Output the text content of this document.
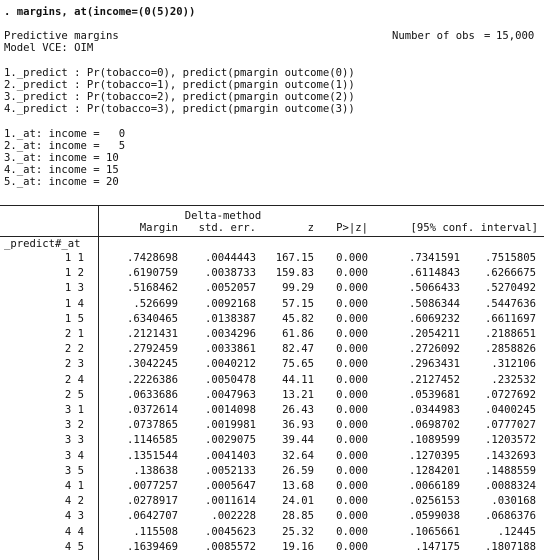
. margins, at(income=(0(5)20))
Predictive margins	Number of obs = 15,000
Model VCE: OIM
1._predict : Pr(tobacco=0), predict(pmargin outcome(0))
2._predict : Pr(tobacco=1), predict(pmargin outcome(1))
3._predict : Pr(tobacco=2), predict(pmargin outcome(2))
4._predict : Pr(tobacco=3), predict(pmargin outcome(3))
1._at: income =   0
2._at: income =   5
3._at: income = 10
4._at: income = 15
5._at: income = 20
Delta-method
Margin	std. err.	z	P>|z|	[95% conf. interval]
_predict#_at
1 1	.7428698	.0044443	167.15	0.000	.7341591	.7515805
1 2	.6190759	.0038733	159.83	0.000	.6114843	.6266675
1 3	.5168462	.0052057	99.29	0.000	.5066433	.5270492
1 4	.526699	.0092168	57.15	0.000	.5086344	.5447636
1 5	.6340465	.0138387	45.82	0.000	.6069232	.6611697
2 1	.2121431	.0034296	61.86	0.000	.2054211	.2188651
2 2	.2792459	.0033861	82.47	0.000	.2726092	.2858826
2 3	.3042245	.0040212	75.65	0.000	.2963431	.312106
2 4	.2226386	.0050478	44.11	0.000	.2127452	.232532
2 5	.0633686	.0047963	13.21	0.000	.0539681	.0727692
3 1	.0372614	.0014098	26.43	0.000	.0344983	.0400245
3 2	.0737865	.0019981	36.93	0.000	.0698702	.0777027
3 3	.1146585	.0029075	39.44	0.000	.1089599	.1203572
3 4	.1351544	.0041403	32.64	0.000	.1270395	.1432693
3 5	.138638	.0052133	26.59	0.000	.1284201	.1488559
4 1	.0077257	.0005647	13.68	0.000	.0066189	.0088324
4 2	.0278917	.0011614	24.01	0.000	.0256153	.030168
4 3	.0642707	.002228	28.85	0.000	.0599038	.0686376
4 4	.115508	.0045623	25.32	0.000	.1065661	.12445
4 5	.1639469	.0085572	19.16	0.000	.147175	.1807188
